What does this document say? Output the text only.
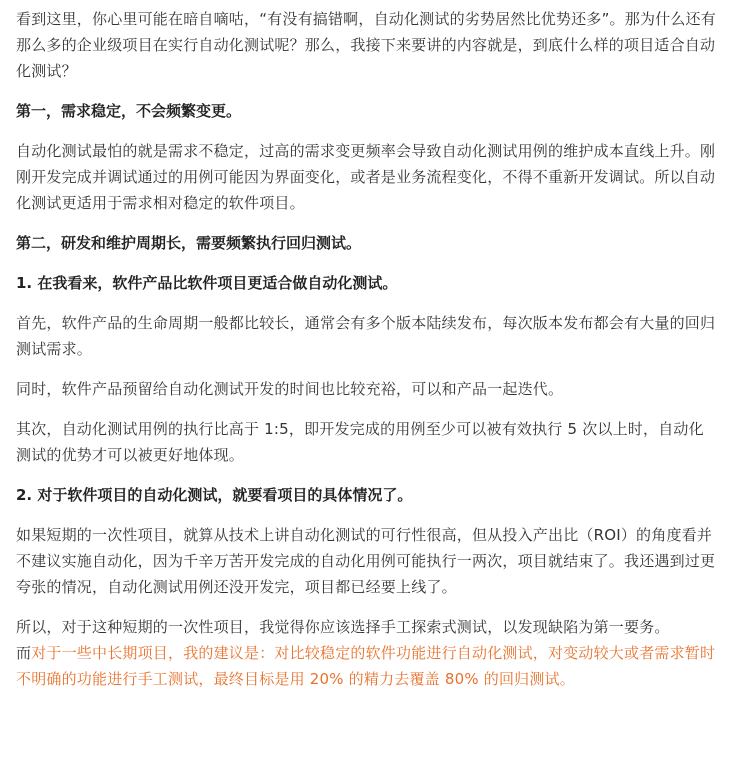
看到这里，你心里可能在暗自嘀咕，“有没有搞错啊，自动化测试的劣势居然比优势还多”。那为什么还有那么多的企业级项目在实行自动化测试呢？那么，我接下来要讲的内容就是，到底什么样的项目适合自动化测试？

第一，需求稳定，不会频繁变更。

自动化测试最怕的就是需求不稳定，过高的需求变更频率会导致自动化测试用例的维护成本直线上升。刚刚开发完成并调试通过的用例可能因为界面变化，或者是业务流程变化，不得不重新开发调试。所以自动化测试更适用于需求相对稳定的软件项目。

第二，研发和维护周期长，需要频繁执行回归测试。

1. 在我看来，软件产品比软件项目更适合做自动化测试。

首先，软件产品的生命周期一般都比较长，通常会有多个版本陆续发布，每次版本发布都会有大量的回归测试需求。

同时，软件产品预留给自动化测试开发的时间也比较充裕，可以和产品一起迭代。

其次，自动化测试用例的执行比高于 1:5，即开发完成的用例至少可以被有效执行 5 次以上时，自动化测试的优势才可以被更好地体现。

2. 对于软件项目的自动化测试，就要看项目的具体情况了。

如果短期的一次性项目，就算从技术上讲自动化测试的可行性很高，但从投入产出比（ROI）的角度看并不建议实施自动化，因为千辛万苦开发完成的自动化用例可能执行一两次，项目就结束了。我还遇到过更夸张的情况，自动化测试用例还没开发完，项目都已经要上线了。

所以，对于这种短期的一次性项目，我觉得你应该选择手工探索式测试，以发现缺陷为第一要务。
而对于一些中长期项目，我的建议是：对比较稳定的软件功能进行自动化测试，对变动较大或者需求暂时不明确的功能进行手工测试，最终目标是用 20% 的精力去覆盖 80% 的回归测试。
